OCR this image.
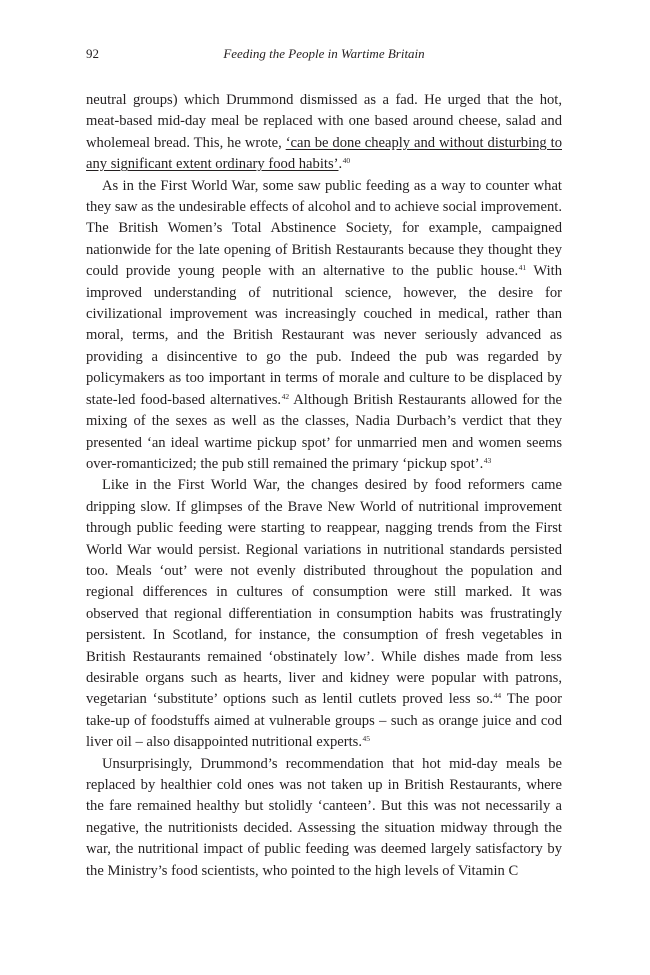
92	Feeding the People in Wartime Britain

neutral groups) which Drummond dismissed as a fad. He urged that the hot, meat-based mid-day meal be replaced with one based around cheese, salad and wholemeal bread. This, he wrote, ‘can be done cheaply and without disturbing to any significant extent ordinary food habits’.$^{40}$

As in the First World War, some saw public feeding as a way to counter what they saw as the undesirable effects of alcohol and to achieve social improvement. The British Women’s Total Abstinence Society, for example, campaigned nationwide for the late opening of British Restaurants because they thought they could provide young people with an alternative to the public house.$^{41}$ With improved understanding of nutritional science, however, the desire for civilizational improvement was increasingly couched in medical, rather than moral, terms, and the British Restaurant was never seriously advanced as providing a disincentive to go the pub. Indeed the pub was regarded by policymakers as too important in terms of morale and culture to be displaced by state-led food-based alternatives.$^{42}$ Although British Restaurants allowed for the mixing of the sexes as well as the classes, Nadia Durbach’s verdict that they presented ‘an ideal wartime pickup spot’ for unmarried men and women seems over-romanticized; the pub still remained the primary ‘pickup spot’.$^{43}$

Like in the First World War, the changes desired by food reformers came dripping slow. If glimpses of the Brave New World of nutritional improvement through public feeding were starting to reappear, nagging trends from the First World War would persist. Regional variations in nutritional standards persisted too. Meals ‘out’ were not evenly distributed throughout the population and regional differences in cultures of consumption were still marked. It was observed that regional differentiation in consumption habits was frustratingly persistent. In Scotland, for instance, the consumption of fresh vegetables in British Restaurants remained ‘obstinately low’. While dishes made from less desirable organs such as hearts, liver and kidney were popular with patrons, vegetarian ‘substitute’ options such as lentil cutlets proved less so.$^{44}$ The poor take-up of foodstuffs aimed at vulnerable groups – such as orange juice and cod liver oil – also disappointed nutritional experts.$^{45}$

Unsurprisingly, Drummond’s recommendation that hot mid-day meals be replaced by healthier cold ones was not taken up in British Restaurants, where the fare remained healthy but stolidly ‘canteen’. But this was not necessarily a negative, the nutritionists decided. Assessing the situation midway through the war, the nutritional impact of public feeding was deemed largely satisfactory by the Ministry’s food scientists, who pointed to the high levels of Vitamin C
